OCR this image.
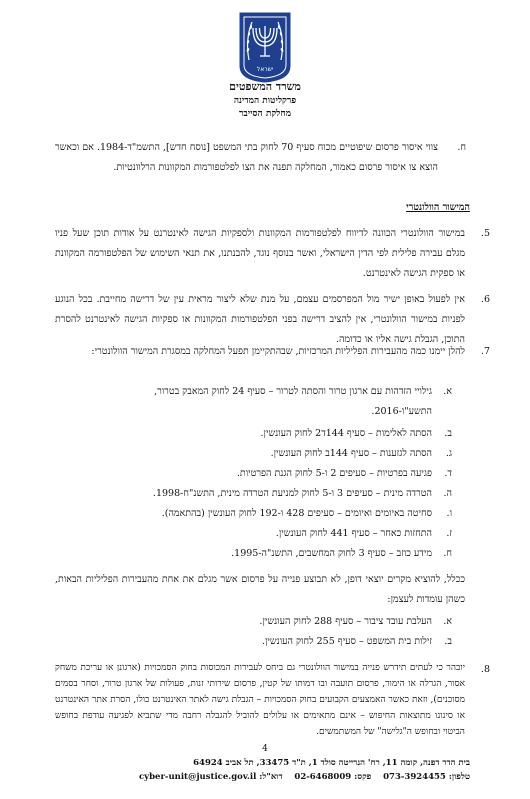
ישראל
משרד המשפטים
פרקליטות המדינה
מחלקת הסייבר
ח.
צווי איסור פרסום שיפוטיים מכוח סעיף 70 לחוק בתי המשפט [נוסח חדש], התשמ"ד-1984. אם וכאשר הוצא צו איסור פרסום כאמור, המחלקה תפנה את הצו לפלטפורמות המקוונות הרלוונטיות.
המישור הוולונטרי
5.
במישור הוולונטרי הכוונה לדיווח לפלטפורמות המקוונות ולספקיות הגישה לאינטרנט על אודות תוכן שעל פניו מגלם עבירה פלילית לפי הדין הישראלי, ואשר בנוסף נוגד, להבנתנו, את תנאי השימוש של הפלטפורמה המקוונת או ספקית הגישה לאינטרנט.
6.
אין לפעול באופן ישיר מול המפרסמים עצמם, על מנת שלא ליצור מראית עין של דרישה מחייבת. בכל הנוגע לפניות במישור הוולונטרי, אין להציב דרישה בפני הפלטפורמות המקוונות או ספקיות הגישה לאינטרנט להסרת התוכן, הגבלת גישה אליו או כדומה.
7.
להלן יימנו כמה מהעבירות הפליליות המרכזיות, שבהתקיימן תפעל המחלקה במסגרת המישור הוולונטרי:
א.
גילויי הזדהות עם ארגון טרור והסתה לטרור – סעיף 24 לחוק המאבק בטרור, התשע"ו-2016.
ב.
הסתה לאלימות – סעיף 144ד2 לחוק העונשין.
ג.
הסתה לגזענות – סעיף 144ב לחוק העונשין.
ד.
פגיעה בפרטיות – סעיפים 2 ו-5 לחוק הגנת הפרטיות.
ה.
הטרדה מינית – סעיפים 3 ו-5 לחוק למניעת הטרדה מינית, התשנ"ח-1998.
ו.
סחיטה באיומים ואיומים – סעיפים 428 ו-192 לחוק העונשין (בהתאמה).
ז.
התחזות כאחר – סעיף 441 לחוק העונשין.
ח.
מידע כוזב – סעיף 3 לחוק המחשבים, התשנ"ה-1995.
ככלל, להוציא מקרים יוצאי דופן, לא תבוצע פנייה על פרסום אשר מגלם את אחת מהעבירות הפליליות הבאות, כשהן עומדות לעצמן:
א.
העלבת עובד ציבור – סעיף 288 לחוק העונשין.
ב.
זילות בית המשפט – סעיף 255 לחוק העונשין.
8.
יובהר כי לעתים תידרש פנייה במישור הוולונטרי גם ביחס לעבירות המכוסות בחוק הסמכויות (ארגונן או עריכת משחק אסור, הגרלה או הימור, פרסום תועבה ובו דמותו של קטין, פרסום שירותי זנות, פעולות של ארגון טרור, וסחר בסמים מסוכנים), וזאת כאשר האמצעים הקבועים בחוק הסמכויות – הגבלת גישה לאתר האינטרנט כולו, הסרת אתר האינטרנט או סינונו מתוצאות החיפוש – אינם מתאימים או עלולים להוביל להגבלה רחבה מדי שתביא לפגיעה עודפת בחופש הביטוי ובחופש ה"גלישה" של המשתמשים.
4
בית הדר דפנה, קומה 11, רח' הנרייטה סולד 1, ת"ד 33475, תל אביב 64924
טלפון: 073-3924455    פקס: 02-6468009    דוא"ל: cyber-unit@justice.gov.il
